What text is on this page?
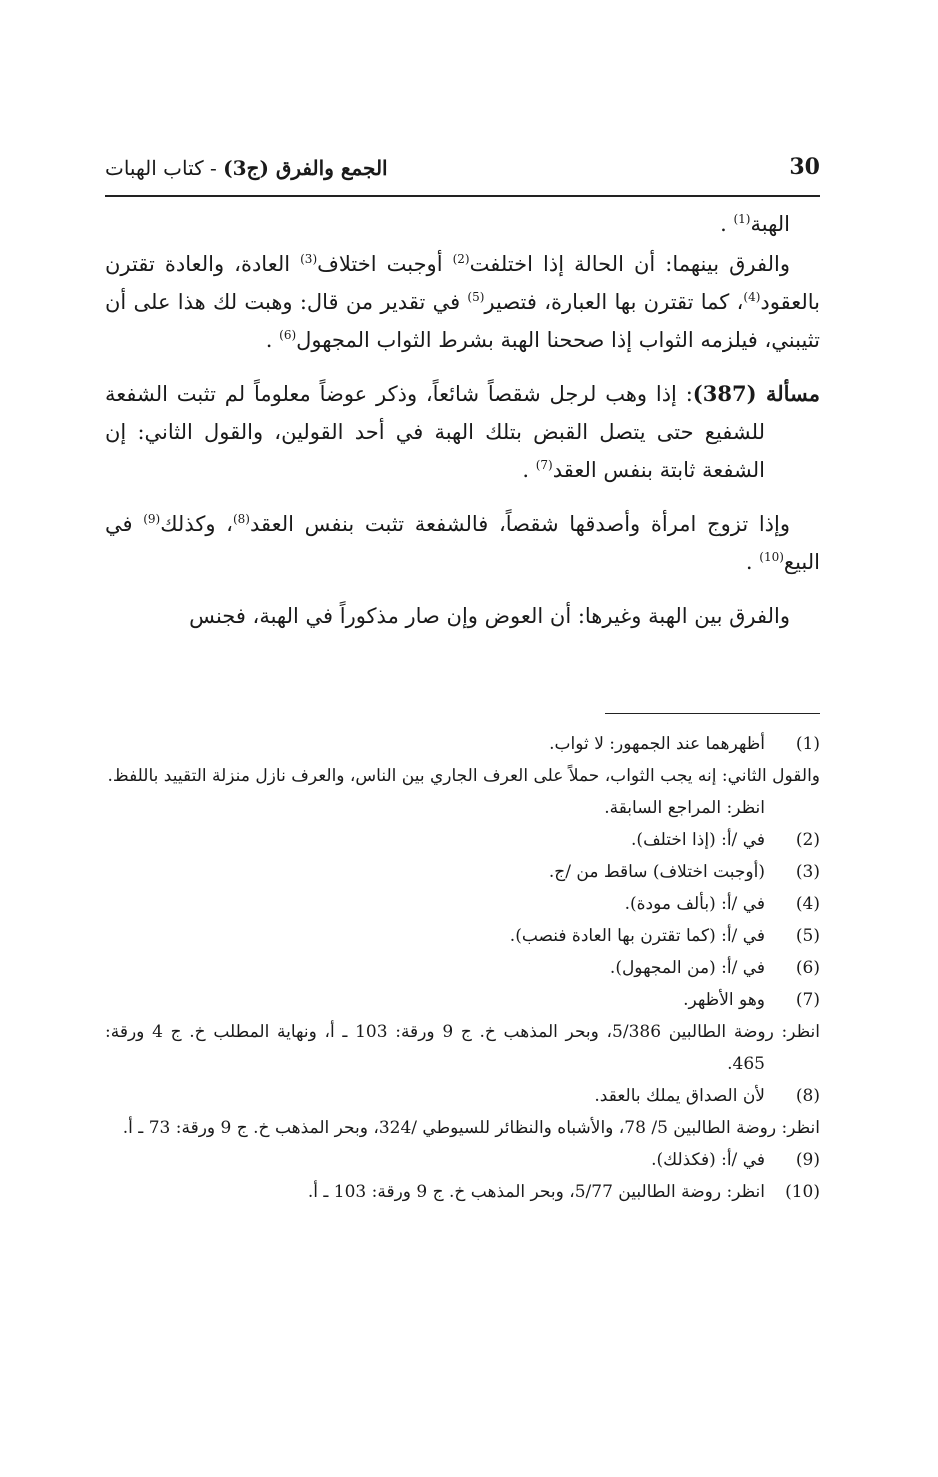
30
الجمع والفرق (ج3) - كتاب الهبات

الهبة$^{(1)}$ .

والفرق بينهما: أن الحالة إذا اختلفت$^{(2)}$ أوجبت اختلاف$^{(3)}$ العادة، والعادة تقترن بالعقود$^{(4)}$، كما تقترن بها العبارة، فتصير$^{(5)}$ في تقدير من قال: وهبت لك هذا على أن تثيبني، فيلزمه الثواب إذا صححنا الهبة بشرط الثواب المجهول$^{(6)}$ .

مسألة (387): إذا وهب لرجل شقصاً شائعاً، وذكر عوضاً معلوماً لم تثبت الشفعة للشفيع حتى يتصل القبض بتلك الهبة في أحد القولين، والقول الثاني: إن الشفعة ثابتة بنفس العقد$^{(7)}$ .

وإذا تزوج امرأة وأصدقها شقصاً، فالشفعة تثبت بنفس العقد$^{(8)}$، وكذلك$^{(9)}$ في البيع$^{(10)}$ .

والفرق بين الهبة وغيرها: أن العوض وإن صار مذكوراً في الهبة، فجنس

(1)
أظهرهما عند الجمهور: لا ثواب.
والقول الثاني: إنه يجب الثواب، حملاً على العرف الجاري بين الناس، والعرف نازل منزلة التقييد باللفظ.
انظر: المراجع السابقة.
(2)
في /أ: (إذا اختلف).
(3)
(أوجبت اختلاف) ساقط من /ج.
(4)
في /أ: (بألف مودة).
(5)
في /أ: (كما تقترن بها العادة فنصب).
(6)
في /أ: (من المجهول).
(7)
وهو الأظهر.
انظر: روضة الطالبين 5/386، وبحر المذهب خ. ج 9 ورقة: 103 ـ أ، ونهاية المطلب خ. ج 4 ورقة: 465.
(8)
لأن الصداق يملك بالعقد.
انظر: روضة الطالبين 5/ 78، والأشباه والنظائر للسيوطي /324، وبحر المذهب خ. ج 9 ورقة: 73 ـ أ.
(9)
في /أ: (فكذلك).
(10)
انظر: روضة الطالبين 5/77، وبحر المذهب خ. ج 9 ورقة: 103 ـ أ.
